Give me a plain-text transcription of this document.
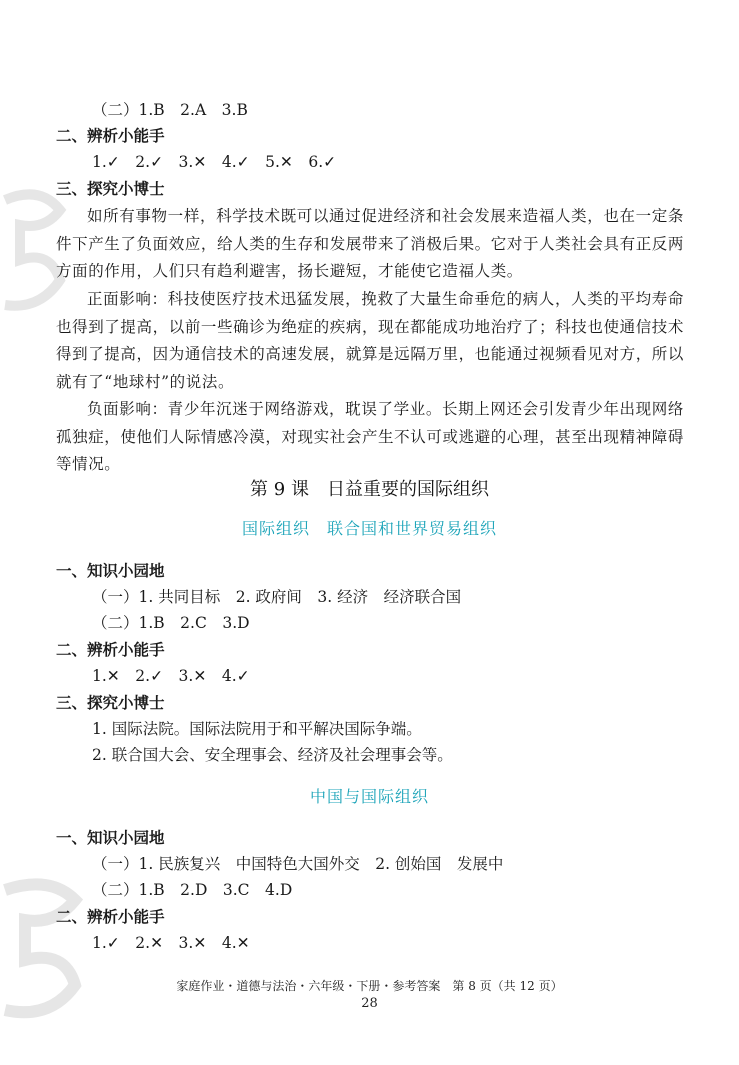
（二）1.B　2.A　3.B
二、辨析小能手
1.✓　2.✓　3.✕　4.✓　5.✕　6.✓
三、探究小博士
如所有事物一样，科学技术既可以通过促进经济和社会发展来造福人类，也在一定条件下产生了负面效应，给人类的生存和发展带来了消极后果。它对于人类社会具有正反两方面的作用，人们只有趋利避害，扬长避短，才能使它造福人类。
正面影响：科技使医疗技术迅猛发展，挽救了大量生命垂危的病人，人类的平均寿命也得到了提高，以前一些确诊为绝症的疾病，现在都能成功地治疗了；科技也使通信技术得到了提高，因为通信技术的高速发展，就算是远隔万里，也能通过视频看见对方，所以就有了“地球村”的说法。
负面影响：青少年沉迷于网络游戏，耽误了学业。长期上网还会引发青少年出现网络孤独症，使他们人际情感冷漠，对现实社会产生不认可或逃避的心理，甚至出现精神障碍等情况。
第 9 课　日益重要的国际组织
国际组织　联合国和世界贸易组织
一、知识小园地
（一）1. 共同目标　2. 政府间　3. 经济　经济联合国
（二）1.B　2.C　3.D
二、辨析小能手
1.✕　2.✓　3.✕　4.✓
三、探究小博士
1. 国际法院。国际法院用于和平解决国际争端。
2. 联合国大会、安全理事会、经济及社会理事会等。
中国与国际组织
一、知识小园地
（一）1. 民族复兴　中国特色大国外交　2. 创始国　发展中
（二）1.B　2.D　3.C　4.D
二、辨析小能手
1.✓　2.✕　3.✕　4.✕
家庭作业・道德与法治・六年级・下册・参考答案　第 8 页（共 12 页）
28
